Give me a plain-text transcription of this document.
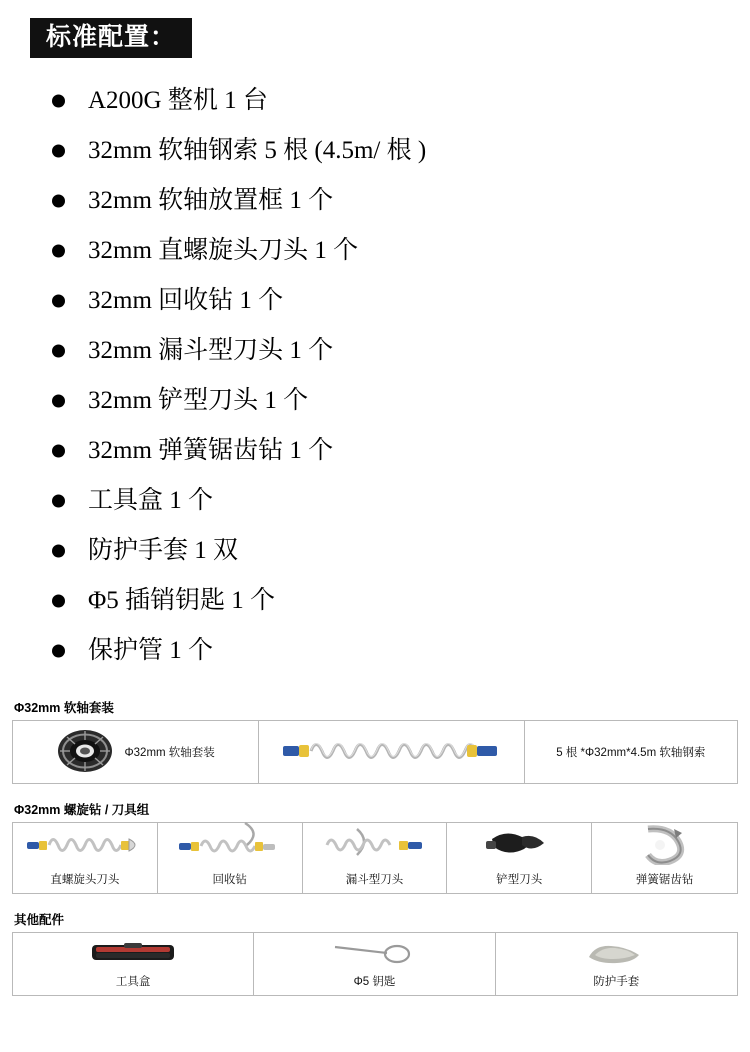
标准配置：
A200G 整机 1 台
32mm 软轴钢索 5 根 (4.5m/ 根 )
32mm 软轴放置框 1 个
32mm 直螺旋头刀头 1 个
32mm 回收钻 1 个
32mm 漏斗型刀头 1 个
32mm 铲型刀头 1 个
32mm 弹簧锯齿钻 1 个
工具盒 1 个
防护手套 1 双
Φ5 插销钥匙 1 个
保护管 1 个
Φ32mm 软轴套装
Φ32mm 软轴套装	5 根 *Φ32mm*4.5m 软轴钢索
Φ32mm 螺旋钻 / 刀具组
直螺旋头刀头	回收钻	漏斗型刀头	铲型刀头	弹簧锯齿钻
其他配件
工具盒	Φ5 钥匙	防护手套
